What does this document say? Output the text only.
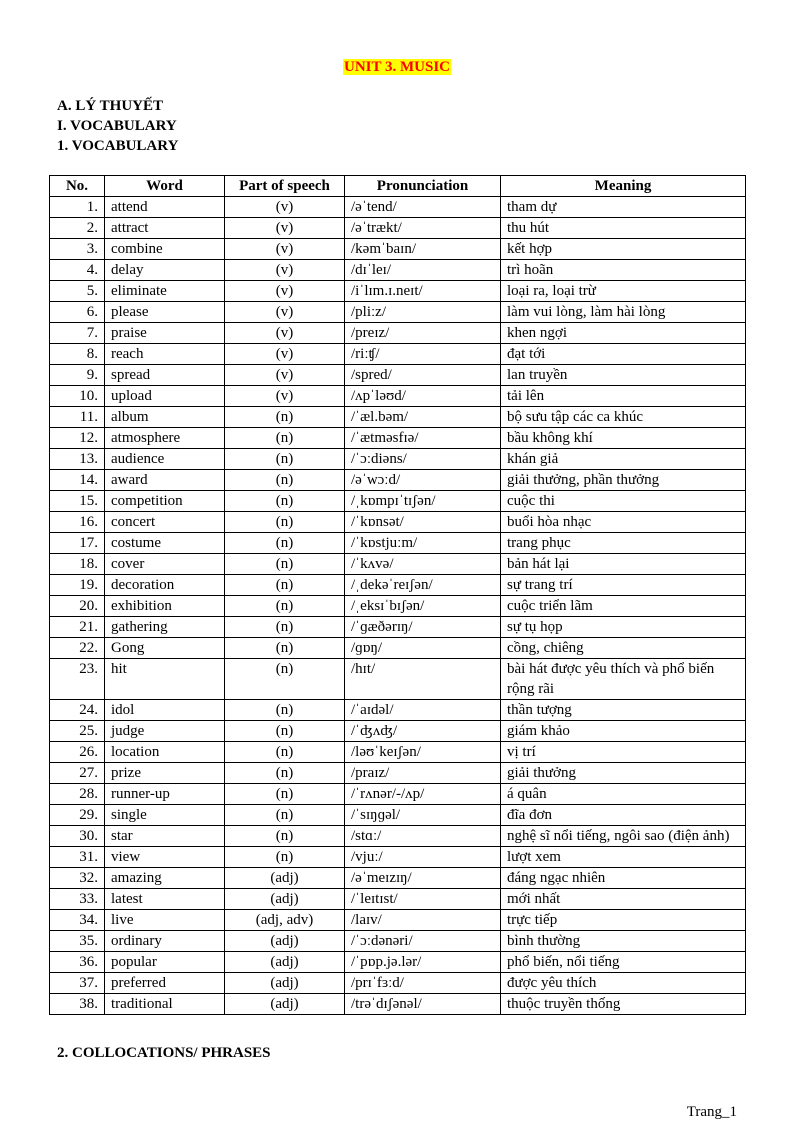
UNIT 3. MUSIC
A. LÝ THUYẾT
I. VOCABULARY
1. VOCABULARY
No.	Word	Part of speech	Pronunciation	Meaning
1.	attend	(v)	/əˈtend/	tham dự
2.	attract	(v)	/əˈtrækt/	thu hút
3.	combine	(v)	/kəmˈbaɪn/	kết hợp
4.	delay	(v)	/dɪˈleɪ/	trì hoãn
5.	eliminate	(v)	/iˈlɪm.ɪ.neɪt/	loại ra, loại trừ
6.	please	(v)	/pliːz/	làm vui lòng, làm hài lòng
7.	praise	(v)	/preɪz/	khen ngợi
8.	reach	(v)	/riːʧ/	đạt tới
9.	spread	(v)	/spred/	lan truyền
10.	upload	(v)	/ʌpˈləʊd/	tải lên
11.	album	(n)	/ˈæl.bəm/	bộ sưu tập các ca khúc
12.	atmosphere	(n)	/ˈætməsfɪə/	bầu không khí
13.	audience	(n)	/ˈɔːdiəns/	khán giả
14.	award	(n)	/əˈwɔːd/	giải thưởng, phần thưởng
15.	competition	(n)	/ˌkɒmpɪˈtɪʃən/	cuộc thi
16.	concert	(n)	/ˈkɒnsət/	buổi hòa nhạc
17.	costume	(n)	/ˈkɒstjuːm/	trang phục
18.	cover	(n)	/ˈkʌvə/	bản hát lại
19.	decoration	(n)	/ˌdekəˈreɪʃən/	sự trang trí
20.	exhibition	(n)	/ˌeksɪˈbɪʃən/	cuộc triển lãm
21.	gathering	(n)	/ˈɡæðərɪŋ/	sự tụ họp
22.	Gong	(n)	/ɡɒŋ/	cồng, chiêng
23.	hit	(n)	/hɪt/	bài hát được yêu thích và phổ biến rộng rãi
24.	idol	(n)	/ˈaɪdəl/	thần tượng
25.	judge	(n)	/ˈʤʌʤ/	giám khảo
26.	location	(n)	/ləʊˈkeɪʃən/	vị trí
27.	prize	(n)	/praɪz/	giải thưởng
28.	runner-up	(n)	/ˈrʌnər/-/ʌp/	á quân
29.	single	(n)	/ˈsɪŋɡəl/	đĩa đơn
30.	star	(n)	/stɑː/	nghệ sĩ nổi tiếng, ngôi sao (điện ảnh)
31.	view	(n)	/vjuː/	lượt xem
32.	amazing	(adj)	/əˈmeɪzɪŋ/	đáng ngạc nhiên
33.	latest	(adj)	/ˈleɪtɪst/	mới nhất
34.	live	(adj, adv)	/laɪv/	trực tiếp
35.	ordinary	(adj)	/ˈɔːdənəri/	bình thường
36.	popular	(adj)	/ˈpɒp.jə.lər/	phổ biến, nổi tiếng
37.	preferred	(adj)	/prɪˈfɜːd/	được yêu thích
38.	traditional	(adj)	/trəˈdɪʃənəl/	thuộc truyền thống
2. COLLOCATIONS/ PHRASES
Trang_1
